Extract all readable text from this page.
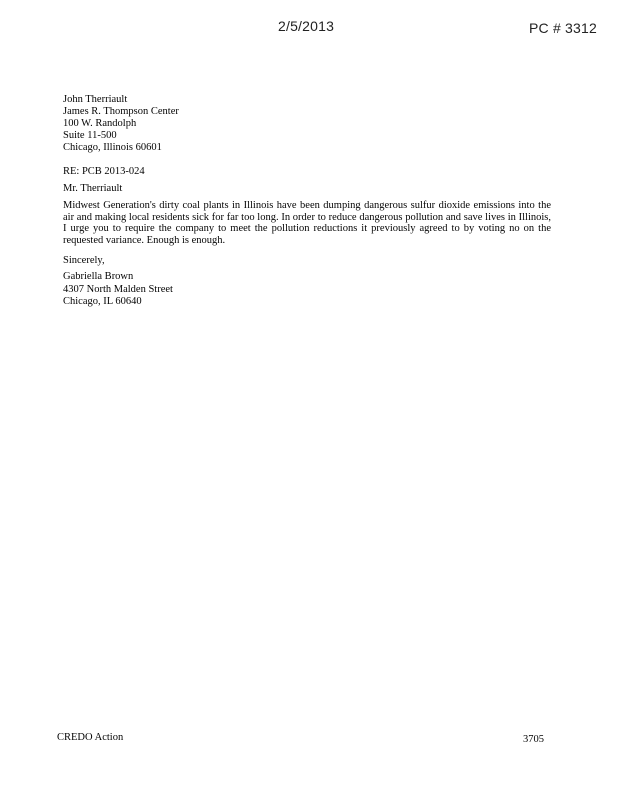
2/5/2013	PC # 3312
John Therriault
James R. Thompson Center
100 W. Randolph
Suite 11-500
Chicago, Illinois 60601
RE: PCB 2013-024
Mr. Therriault
Midwest Generation's dirty coal plants in Illinois have been dumping dangerous sulfur dioxide emissions into the air and making local residents sick for far too long. In order to reduce dangerous pollution and save lives in Illinois, I urge you to require the company to meet the pollution reductions it previously agreed to by voting no on the requested variance. Enough is enough.
Sincerely,
Gabriella Brown
4307 North Malden Street
Chicago, IL 60640
CREDO Action	3705
